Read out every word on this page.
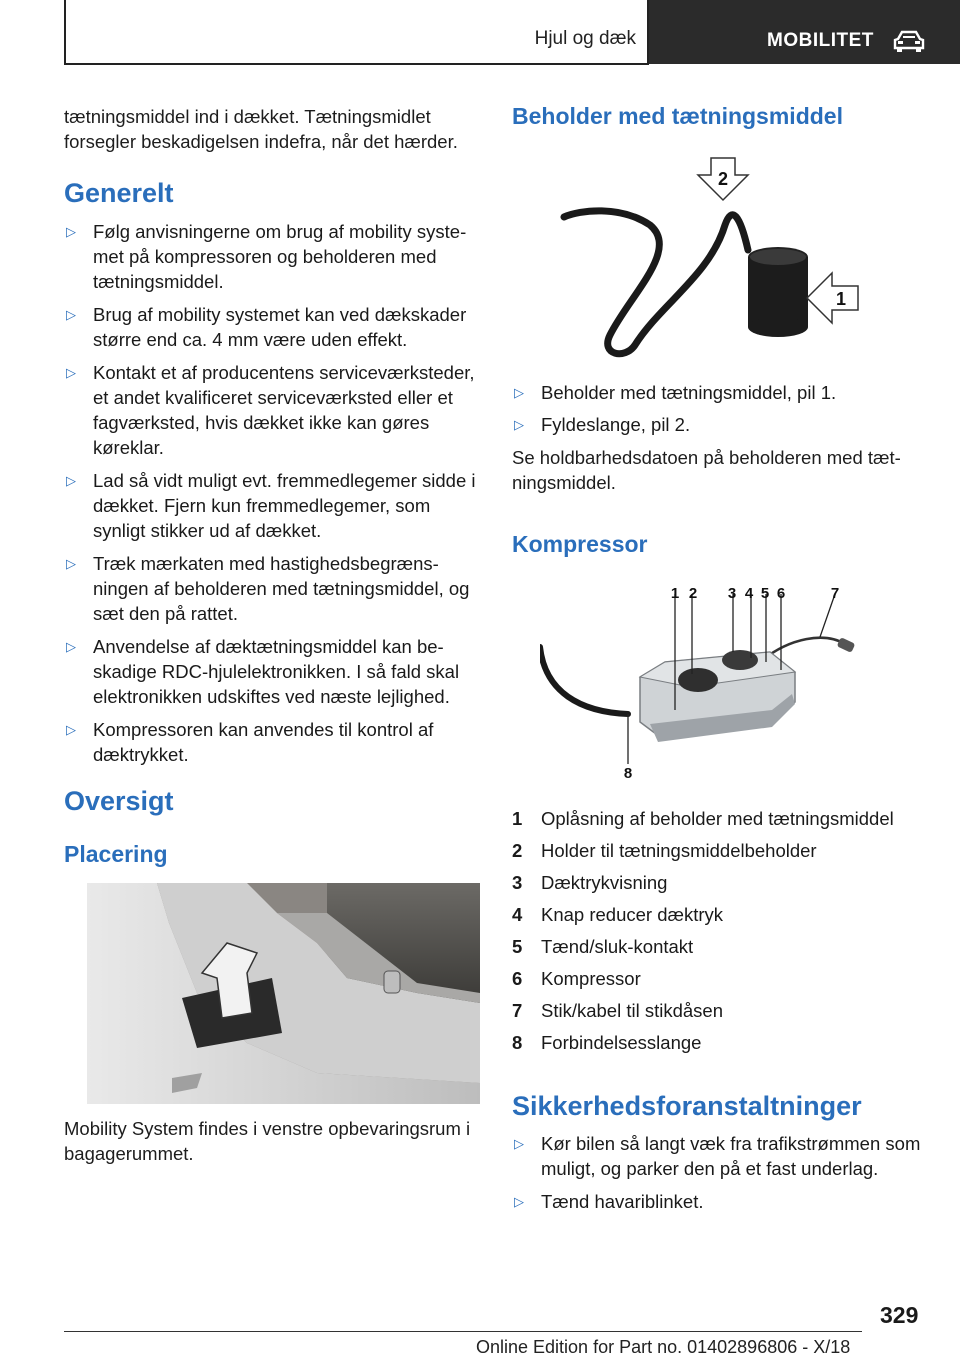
Hjul og dæk	MOBILITET
tætningsmiddel ind i dækket. Tætningsmidlet forsegler beskadigelsen indefra, når det hærder.
Generelt
▷ Følg anvisningerne om brug af mobility systemet på kompressoren og beholderen med tætningsmiddel.
▷ Brug af mobility systemet kan ved dækskader større end ca. 4 mm være uden effekt.
▷ Kontakt et af producentens serviceværksteder, et andet kvalificeret serviceværksted eller et fagværksted, hvis dækket ikke kan gøres køreklar.
▷ Lad så vidt muligt evt. fremmedlegemer sidde i dækket. Fjern kun fremmedlegemer, som synligt stikker ud af dækket.
▷ Træk mærkaten med hastighedsbegrænsningen af beholderen med tætningsmiddel, og sæt den på rattet.
▷ Anvendelse af dæktætningsmiddel kan beskadige RDC-hjulelektronikken. I så fald skal elektronikken udskiftes ved næste lejlighed.
▷ Kompressoren kan anvendes til kontrol af dæktrykket.
Oversigt
Placering
Mobility System findes i venstre opbevaringsrum i bagagerummet.
Beholder med tætningsmiddel
2
1
▷ Beholder med tætningsmiddel, pil 1.
▷ Fyldeslange, pil 2.
Se holdbarhedsdatoen på beholderen med tætningsmiddel.
Kompressor
1 2 3 4 5 6	7
8
1 Oplåsning af beholder med tætningsmiddel
2 Holder til tætningsmiddelbeholder
3 Dæktrykvisning
4 Knap reducer dæktryk
5 Tænd/sluk-kontakt
6 Kompressor
7 Stik/kabel til stikdåsen
8 Forbindelsesslange
Sikkerhedsforanstaltninger
▷ Kør bilen så langt væk fra trafikstrømmen som muligt, og parker den på et fast underlag.
▷ Tænd havariblinket.
329
Online Edition for Part no. 01402896806 - X/18
